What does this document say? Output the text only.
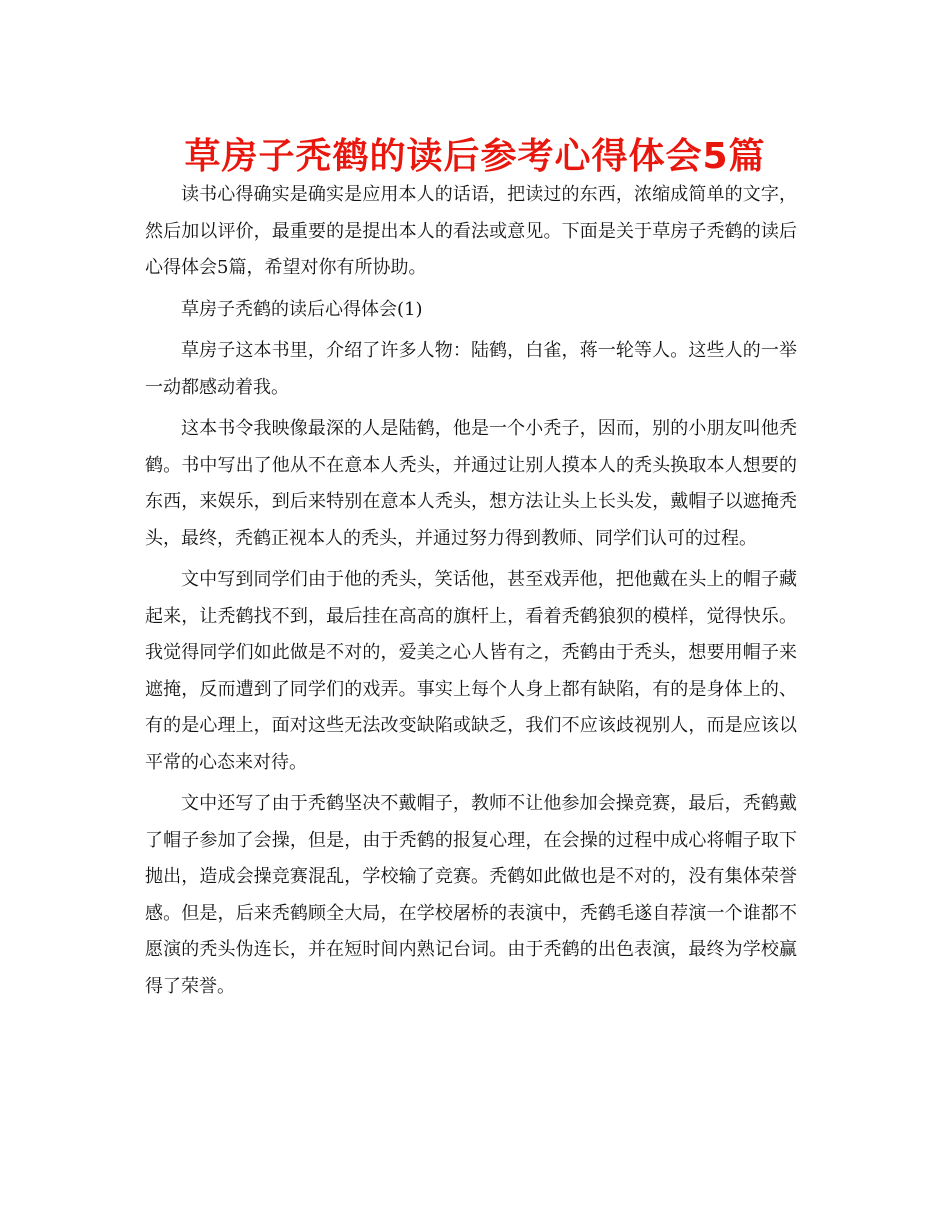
草房子秃鹤的读后参考心得体会5篇

读书心得确实是确实是应用本人的话语，把读过的东西，浓缩成简单的文字，然后加以评价，最重要的是提出本人的看法或意见。下面是关于草房子秃鹤的读后心得体会5篇，希望对你有所协助。

草房子秃鹤的读后心得体会(1)

草房子这本书里，介绍了许多人物：陆鹤，白雀，蒋一轮等人。这些人的一举一动都感动着我。

这本书令我映像最深的人是陆鹤，他是一个小秃子，因而，别的小朋友叫他秃鹤。书中写出了他从不在意本人秃头，并通过让别人摸本人的秃头换取本人想要的东西，来娱乐，到后来特别在意本人秃头，想方法让头上长头发，戴帽子以遮掩秃头，最终，秃鹤正视本人的秃头，并通过努力得到教师、同学们认可的过程。

文中写到同学们由于他的秃头，笑话他，甚至戏弄他，把他戴在头上的帽子藏起来，让秃鹤找不到，最后挂在高高的旗杆上，看着秃鹤狼狈的模样，觉得快乐。我觉得同学们如此做是不对的，爱美之心人皆有之，秃鹤由于秃头，想要用帽子来遮掩，反而遭到了同学们的戏弄。事实上每个人身上都有缺陷，有的是身体上的、有的是心理上，面对这些无法改变缺陷或缺乏，我们不应该歧视别人，而是应该以平常的心态来对待。

文中还写了由于秃鹤坚决不戴帽子，教师不让他参加会操竞赛，最后，秃鹤戴了帽子参加了会操，但是，由于秃鹤的报复心理，在会操的过程中成心将帽子取下抛出，造成会操竞赛混乱，学校输了竞赛。秃鹤如此做也是不对的，没有集体荣誉感。但是，后来秃鹤顾全大局，在学校屠桥的表演中，秃鹤毛遂自荐演一个谁都不愿演的秃头伪连长，并在短时间内熟记台词。由于秃鹤的出色表演，最终为学校赢得了荣誉。
